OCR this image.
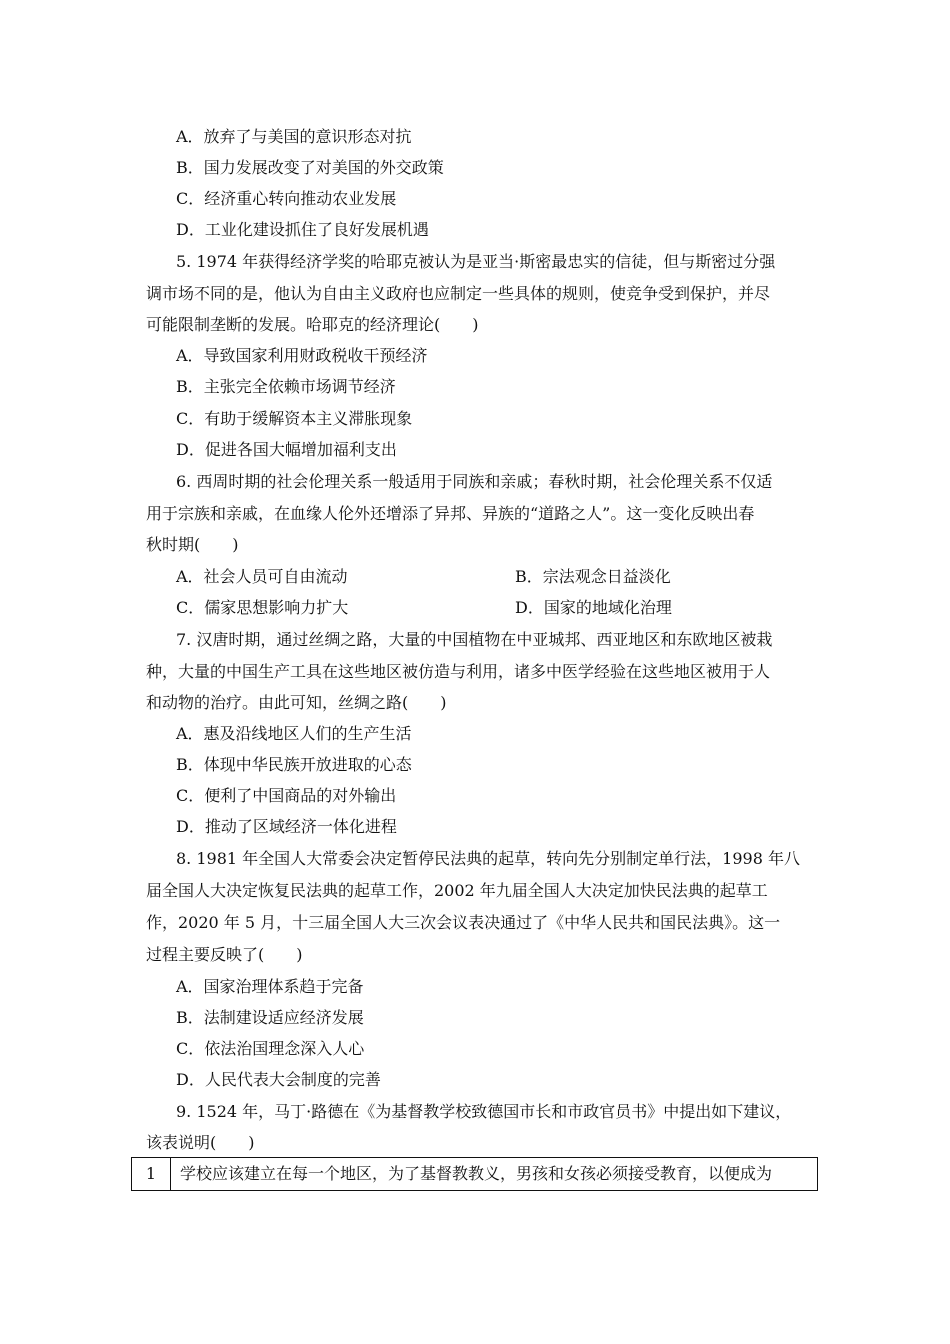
A．放弃了与美国的意识形态对抗
B．国力发展改变了对美国的外交政策
C．经济重心转向推动农业发展
D．工业化建设抓住了良好发展机遇
5. 1974 年获得经济学奖的哈耶克被认为是亚当·斯密最忠实的信徒，但与斯密过分强
调市场不同的是，他认为自由主义政府也应制定一些具体的规则，使竞争受到保护，并尽
可能限制垄断的发展。哈耶克的经济理论(　　)
A．导致国家利用财政税收干预经济
B．主张完全依赖市场调节经济
C．有助于缓解资本主义滞胀现象
D．促进各国大幅增加福利支出
6. 西周时期的社会伦理关系一般适用于同族和亲戚；春秋时期，社会伦理关系不仅适
用于宗族和亲戚，在血缘人伦外还增添了异邦、异族的“道路之人”。这一变化反映出春
秋时期(　　)
A．社会人员可自由流动	B．宗法观念日益淡化
C．儒家思想影响力扩大	D．国家的地域化治理
7. 汉唐时期，通过丝绸之路，大量的中国植物在中亚城邦、西亚地区和东欧地区被栽
种，大量的中国生产工具在这些地区被仿造与利用，诸多中医学经验在这些地区被用于人
和动物的治疗。由此可知，丝绸之路(　　)
A．惠及沿线地区人们的生产生活
B．体现中华民族开放进取的心态
C．便利了中国商品的对外输出
D．推动了区域经济一体化进程
8. 1981 年全国人大常委会决定暂停民法典的起草，转向先分别制定单行法，1998 年八
届全国人大决定恢复民法典的起草工作，2002 年九届全国人大决定加快民法典的起草工
作，2020 年 5 月，十三届全国人大三次会议表决通过了《中华人民共和国民法典》。这一
过程主要反映了(　　)
A．国家治理体系趋于完备
B．法制建设适应经济发展
C．依法治国理念深入人心
D．人民代表大会制度的完善
9. 1524 年，马丁·路德在《为基督教学校致德国市长和市政官员书》中提出如下建议，
该表说明(　　)
1	学校应该建立在每一个地区，为了基督教教义，男孩和女孩必须接受教育，以便成为
